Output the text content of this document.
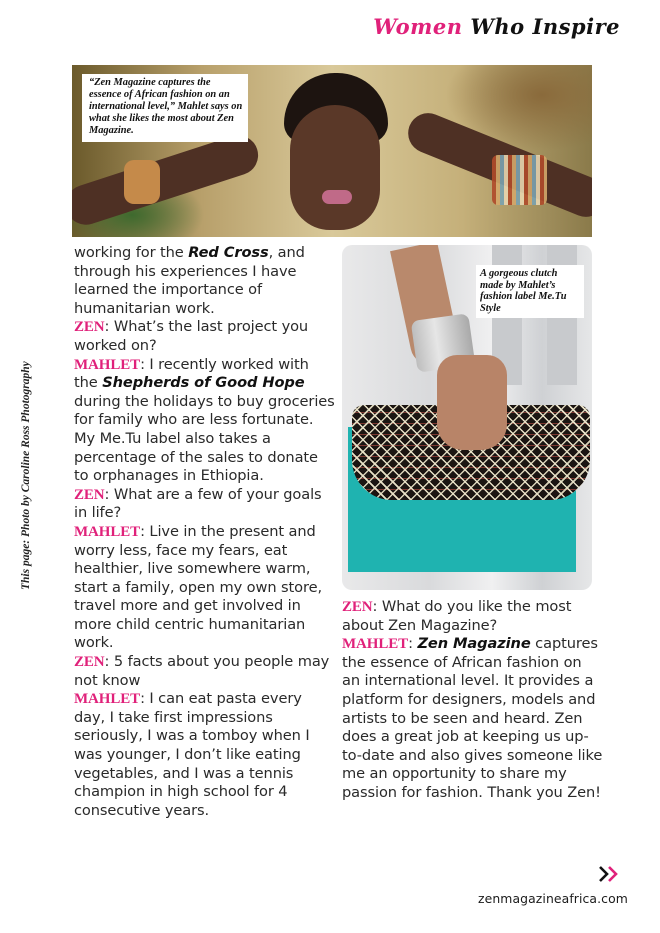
Women Who Inspire
“Zen Magazine captures the essence of African fashion on an international level,” Mahlet says on what she likes the most about Zen Magazine.
This page: Photo by Caroline Ross Photography

working for the Red Cross, and through his experiences I have learned the importance of humanitarian work.

ZEN: What’s the last project you worked on?

MAHLET: I recently worked with the Shepherds of Good Hope during the holidays to buy groceries for family who are less fortunate. My Me.Tu label also takes a percentage of the sales to donate to orphanages in Ethiopia.

ZEN: What are a few of your goals in life?

MAHLET: Live in the present and worry less, face my fears, eat healthier, live somewhere warm, start a family, open my own store, travel more and get involved in more child centric humanitarian work.

ZEN: 5 facts about you people may not know

MAHLET: I can eat pasta every day, I take first impressions seriously, I was a tomboy when I was younger, I don’t like eating vegetables, and I was a tennis champion in high school for 4 consecutive years.

A gorgeous clutch made by Mahlet’s fashion label Me.Tu Style

ZEN: What do you like the most about Zen Magazine?

MAHLET: Zen Magazine captures the essence of African fashion on an international level. It provides a platform for designers, models and artists to be seen and heard. Zen does a great job at keeping us up-to-date and also gives someone like me an opportunity to share my passion for fashion. Thank you Zen!

zenmagazineafrica.com
